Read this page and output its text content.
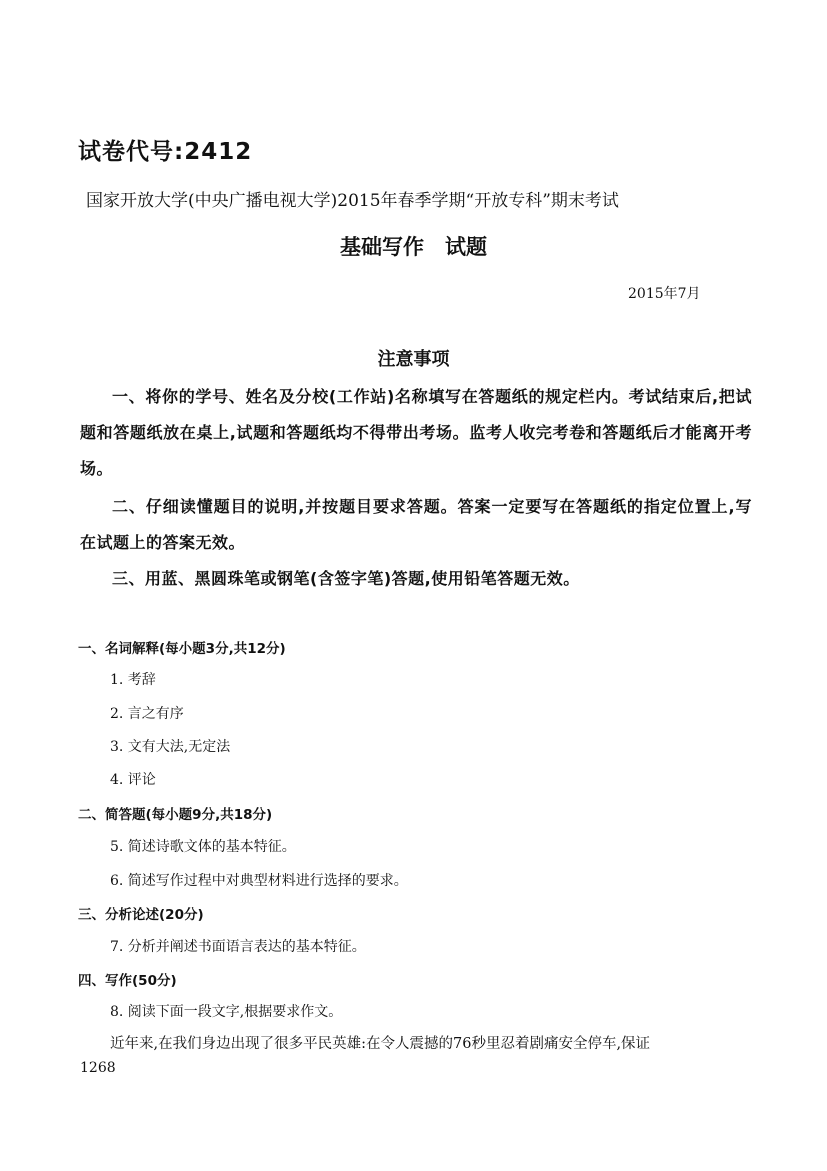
试卷代号:2412
国家开放大学(中央广播电视大学)2015年春季学期“开放专科”期末考试
基础写作　试题
2015年7月
注意事项
一、将你的学号、姓名及分校(工作站)名称填写在答题纸的规定栏内。考试结束后,把试题和答题纸放在桌上,试题和答题纸均不得带出考场。监考人收完考卷和答题纸后才能离开考场。
二、仔细读懂题目的说明,并按题目要求答题。答案一定要写在答题纸的指定位置上,写在试题上的答案无效。
三、用蓝、黑圆珠笔或钢笔(含签字笔)答题,使用铅笔答题无效。
一、名词解释(每小题3分,共12分)
1. 考辞
2. 言之有序
3. 文有大法,无定法
4. 评论
二、简答题(每小题9分,共18分)
5. 简述诗歌文体的基本特征。
6. 简述写作过程中对典型材料进行选择的要求。
三、分析论述(20分)
7. 分析并阐述书面语言表达的基本特征。
四、写作(50分)
8. 阅读下面一段文字,根据要求作文。
近年来,在我们身边出现了很多平民英雄:在令人震撼的76秒里忍着剧痛安全停车,保证
1268
